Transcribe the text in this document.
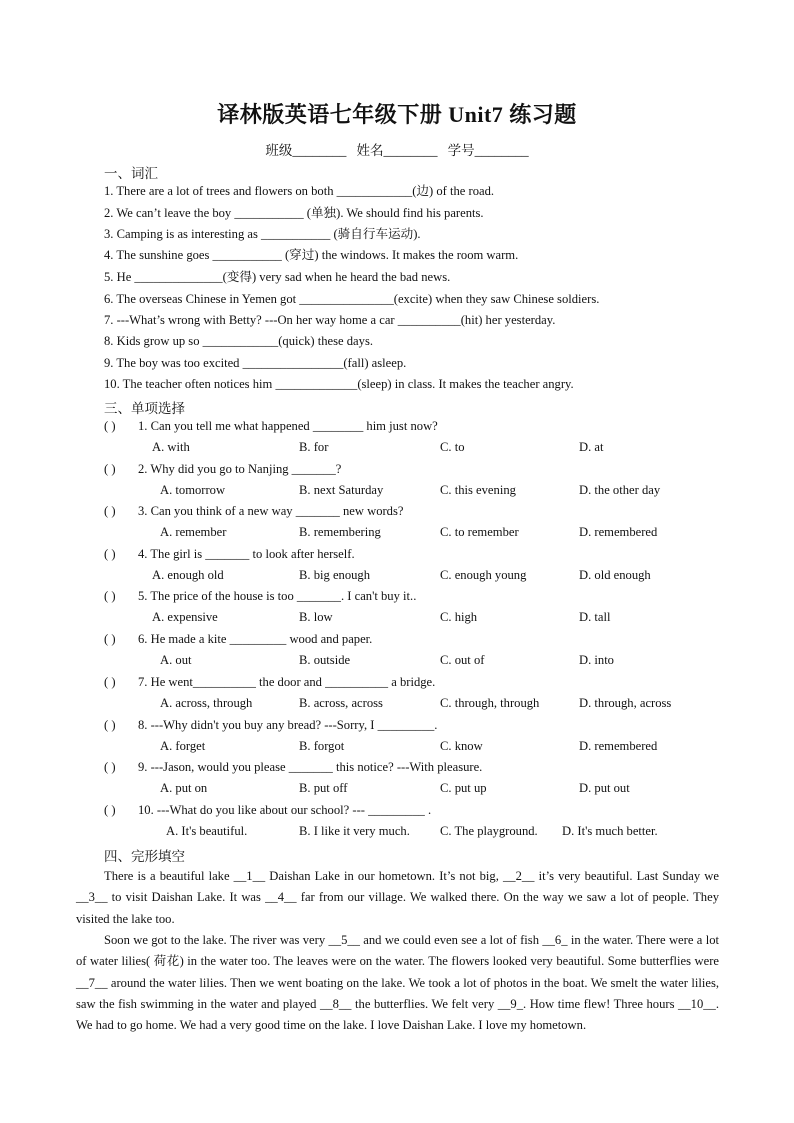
译林版英语七年级下册 Unit7 练习题
班级________ 姓名________ 学号________
一、词汇
1. There are a lot of trees and flowers on both ____________(边) of the road.
2. We can’t leave the boy ___________ (单独). We should find his parents.
3. Camping is as interesting as ___________ (骑自行车运动).
4. The sunshine goes ___________ (穿过) the windows. It makes the room warm.
5. He ______________(变得) very sad when he heard the bad news.
6. The overseas Chinese in Yemen got _______________(excite) when they saw Chinese soldiers.
7. ---What’s wrong with Betty? ---On her way home a car __________(hit) her yesterday.
8. Kids grow up so ____________(quick) these days.
9. The boy was too excited ________________(fall) asleep.
10. The teacher often notices him _____________(sleep) in class. It makes the teacher angry.
三、单项选择
( ) 1. Can you tell me what happened ________ him just now?
A. with	B. for	C. to	D. at
( ) 2. Why did you go to Nanjing _______?
A. tomorrow	B. next Saturday	C. this evening	D. the other day
( ) 3. Can you think of a new way _______ new words?
A. remember	B. remembering	C. to remember	D. remembered
( ) 4. The girl is _______ to look after herself.
A. enough old	B. big enough	C. enough young	D. old enough
( ) 5. The price of the house is too _______. I can't buy it..
A. expensive	B. low	C. high	D. tall
( ) 6. He made a kite _________ wood and paper.
A. out	B. outside	C. out of	D. into
( ) 7. He went__________ the door and __________ a bridge.
A. across, through	B. across, across	C. through, through	D. through, across
( ) 8. ---Why didn't you buy any bread? ---Sorry, I _________.
A. forget	B. forgot	C. know	D. remembered
( ) 9. ---Jason, would you please _______ this notice? ---With pleasure.
A. put on	B. put off	C. put up	D. put out
( ) 10. ---What do you like about our school? --- _________ .
A. It's beautiful.	B. I like it very much. C. The playground. D. It's much better.
四、完形填空
There is a beautiful lake __1__ Daishan Lake in our hometown. It’s not big, __2__ it’s very beautiful. Last Sunday we __3__ to visit Daishan Lake. It was __4__ far from our village. We walked there. On the way we saw a lot of people. They visited the lake too.
Soon we got to the lake. The river was very __5__ and we could even see a lot of fish __6_ in the water. There were a lot of water lilies( 荷花) in the water too. The leaves were on the water. The flowers looked very beautiful. Some butterflies were __7__ around the water lilies. Then we went boating on the lake. We took a lot of photos in the boat. We smelt the water lilies, saw the fish swimming in the water and played __8__ the butterflies. We felt very __9_. How time flew! Three hours __10__. We had to go home. We had a very good time on the lake. I love Daishan Lake. I love my hometown.
